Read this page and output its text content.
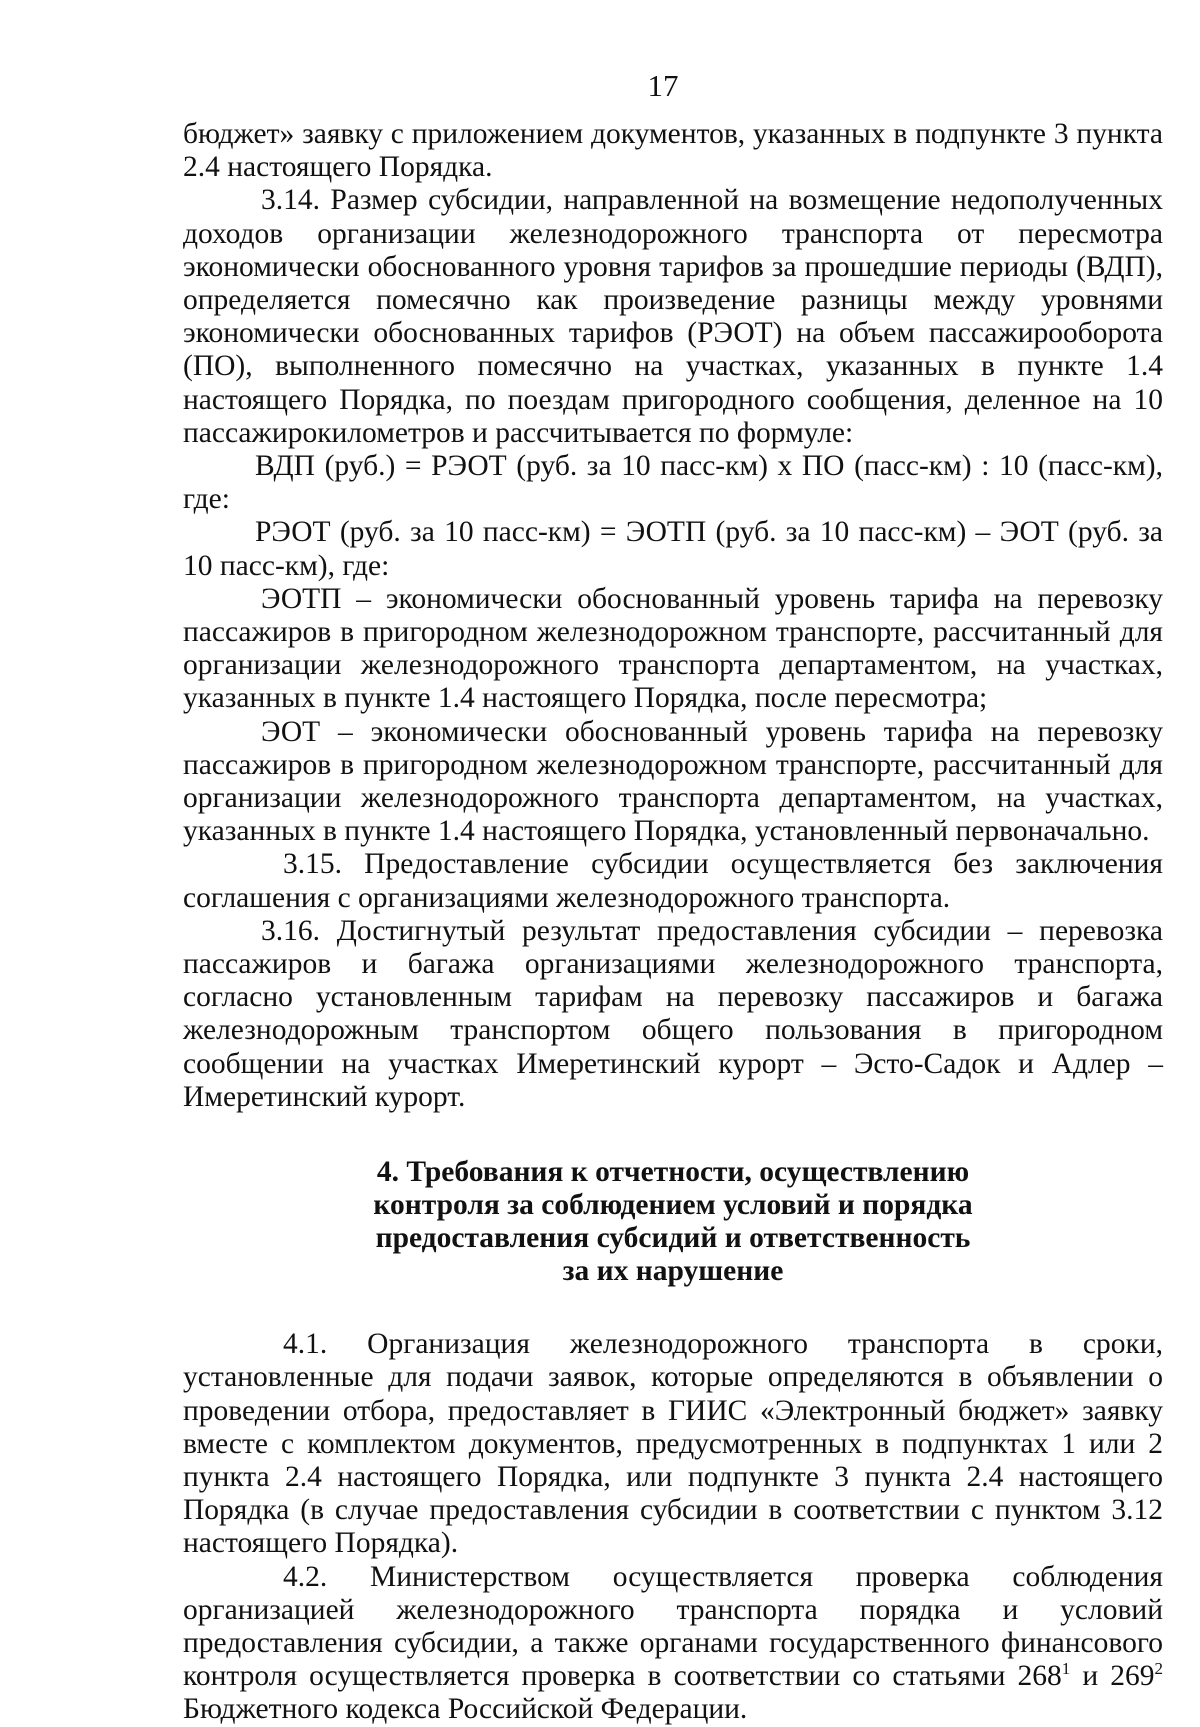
17

бюджет» заявку с приложением документов, указанных в подпункте 3 пункта 2.4 настоящего Порядка.

3.14. Размер субсидии, направленной на возмещение недополученных доходов организации железнодорожного транспорта от пересмотра экономически обоснованного уровня тарифов за прошедшие периоды (ВДП), определяется помесячно как произведение разницы между уровнями экономически обоснованных тарифов (РЭОТ) на объем пассажирооборота (ПО), выполненного помесячно на участках, указанных в пункте 1.4 настоящего Порядка, по поездам пригородного сообщения, деленное на 10 пассажирокилометров и рассчитывается по формуле:

ВДП (руб.) = РЭОТ (руб. за 10 пасс-км) х ПО (пасс-км) : 10 (пасс-км), где:

РЭОТ (руб. за 10 пасс-км) = ЭОТП (руб. за 10 пасс-км) – ЭОТ (руб. за 10 пасс-км), где:

ЭОТП – экономически обоснованный уровень тарифа на перевозку пассажиров в пригородном железнодорожном транспорте, рассчитанный для организации железнодорожного транспорта департаментом, на участках, указанных в пункте 1.4 настоящего Порядка, после пересмотра;

ЭОТ – экономически обоснованный уровень тарифа на перевозку пассажиров в пригородном железнодорожном транспорте, рассчитанный для организации железнодорожного транспорта департаментом, на участках, указанных в пункте 1.4 настоящего Порядка, установленный первоначально.

3.15. Предоставление субсидии осуществляется без заключения соглашения с организациями железнодорожного транспорта.

3.16. Достигнутый результат предоставления субсидии – перевозка пассажиров и багажа организациями железнодорожного транспорта, согласно установленным тарифам на перевозку пассажиров и багажа железнодорожным транспортом общего пользования в пригородном сообщении на участках Имеретинский курорт – Эсто-Садок и Адлер – Имеретинский курорт.

4. Требования к отчетности, осуществлению
контроля за соблюдением условий и порядка
предоставления субсидий и ответственность
за их нарушение

4.1. Организация железнодорожного транспорта в сроки, установленные для подачи заявок, которые определяются в объявлении о проведении отбора, предоставляет в ГИИС «Электронный бюджет» заявку вместе с комплектом документов, предусмотренных в подпунктах 1 или 2 пункта 2.4 настоящего Порядка, или подпункте 3 пункта 2.4 настоящего Порядка (в случае предоставления субсидии в соответствии с пунктом 3.12 настоящего Порядка).

4.2. Министерством осуществляется проверка соблюдения организацией железнодорожного транспорта порядка и условий предоставления субсидии, а также органами государственного финансового контроля осуществляется проверка в соответствии со статьями $268^1$ и $269^2$ Бюджетного кодекса Российской Федерации.
